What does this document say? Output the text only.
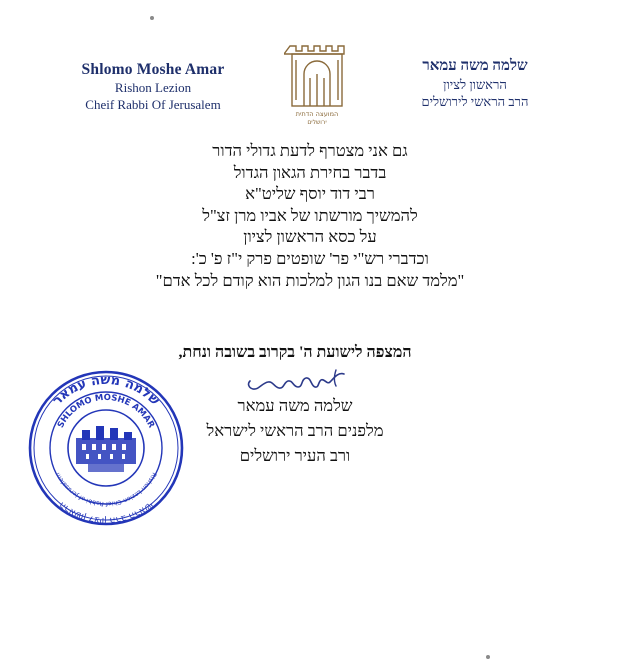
Shlomo Moshe Amar
Rishon Lezion
Cheif Rabbi Of Jerusalem
המועצה הדתית
ירושלים
שלמה משה עמאר
הראשון לציון
הרב הראשי לירושלים
גם אני מצטרף לדעת גדולי הדור
בדבר בחירת הגאון הגדול
רבי דוד יוסף שליט"א
להמשיך מורשתו של אביו מרן זצ"ל
על כסא הראשון לציון
וכדברי רש"י פר' שופטים פרק י"ז פ' כ':
"מלמד שאם בנו הגון למלכות הוא קודם לכל אדם"
המצפה לישועת ה' בקרוב בשובה ונחת,
שלמה משה עמאר
מלפנים הרב הראשי לישראל
ורב העיר ירושלים
שלמה משה עמאר
SHLOMO MOSHE AMAR
הראשון לציון הרב הראשי
Rishon Lezion Chief Rabbi of Jerusalem
